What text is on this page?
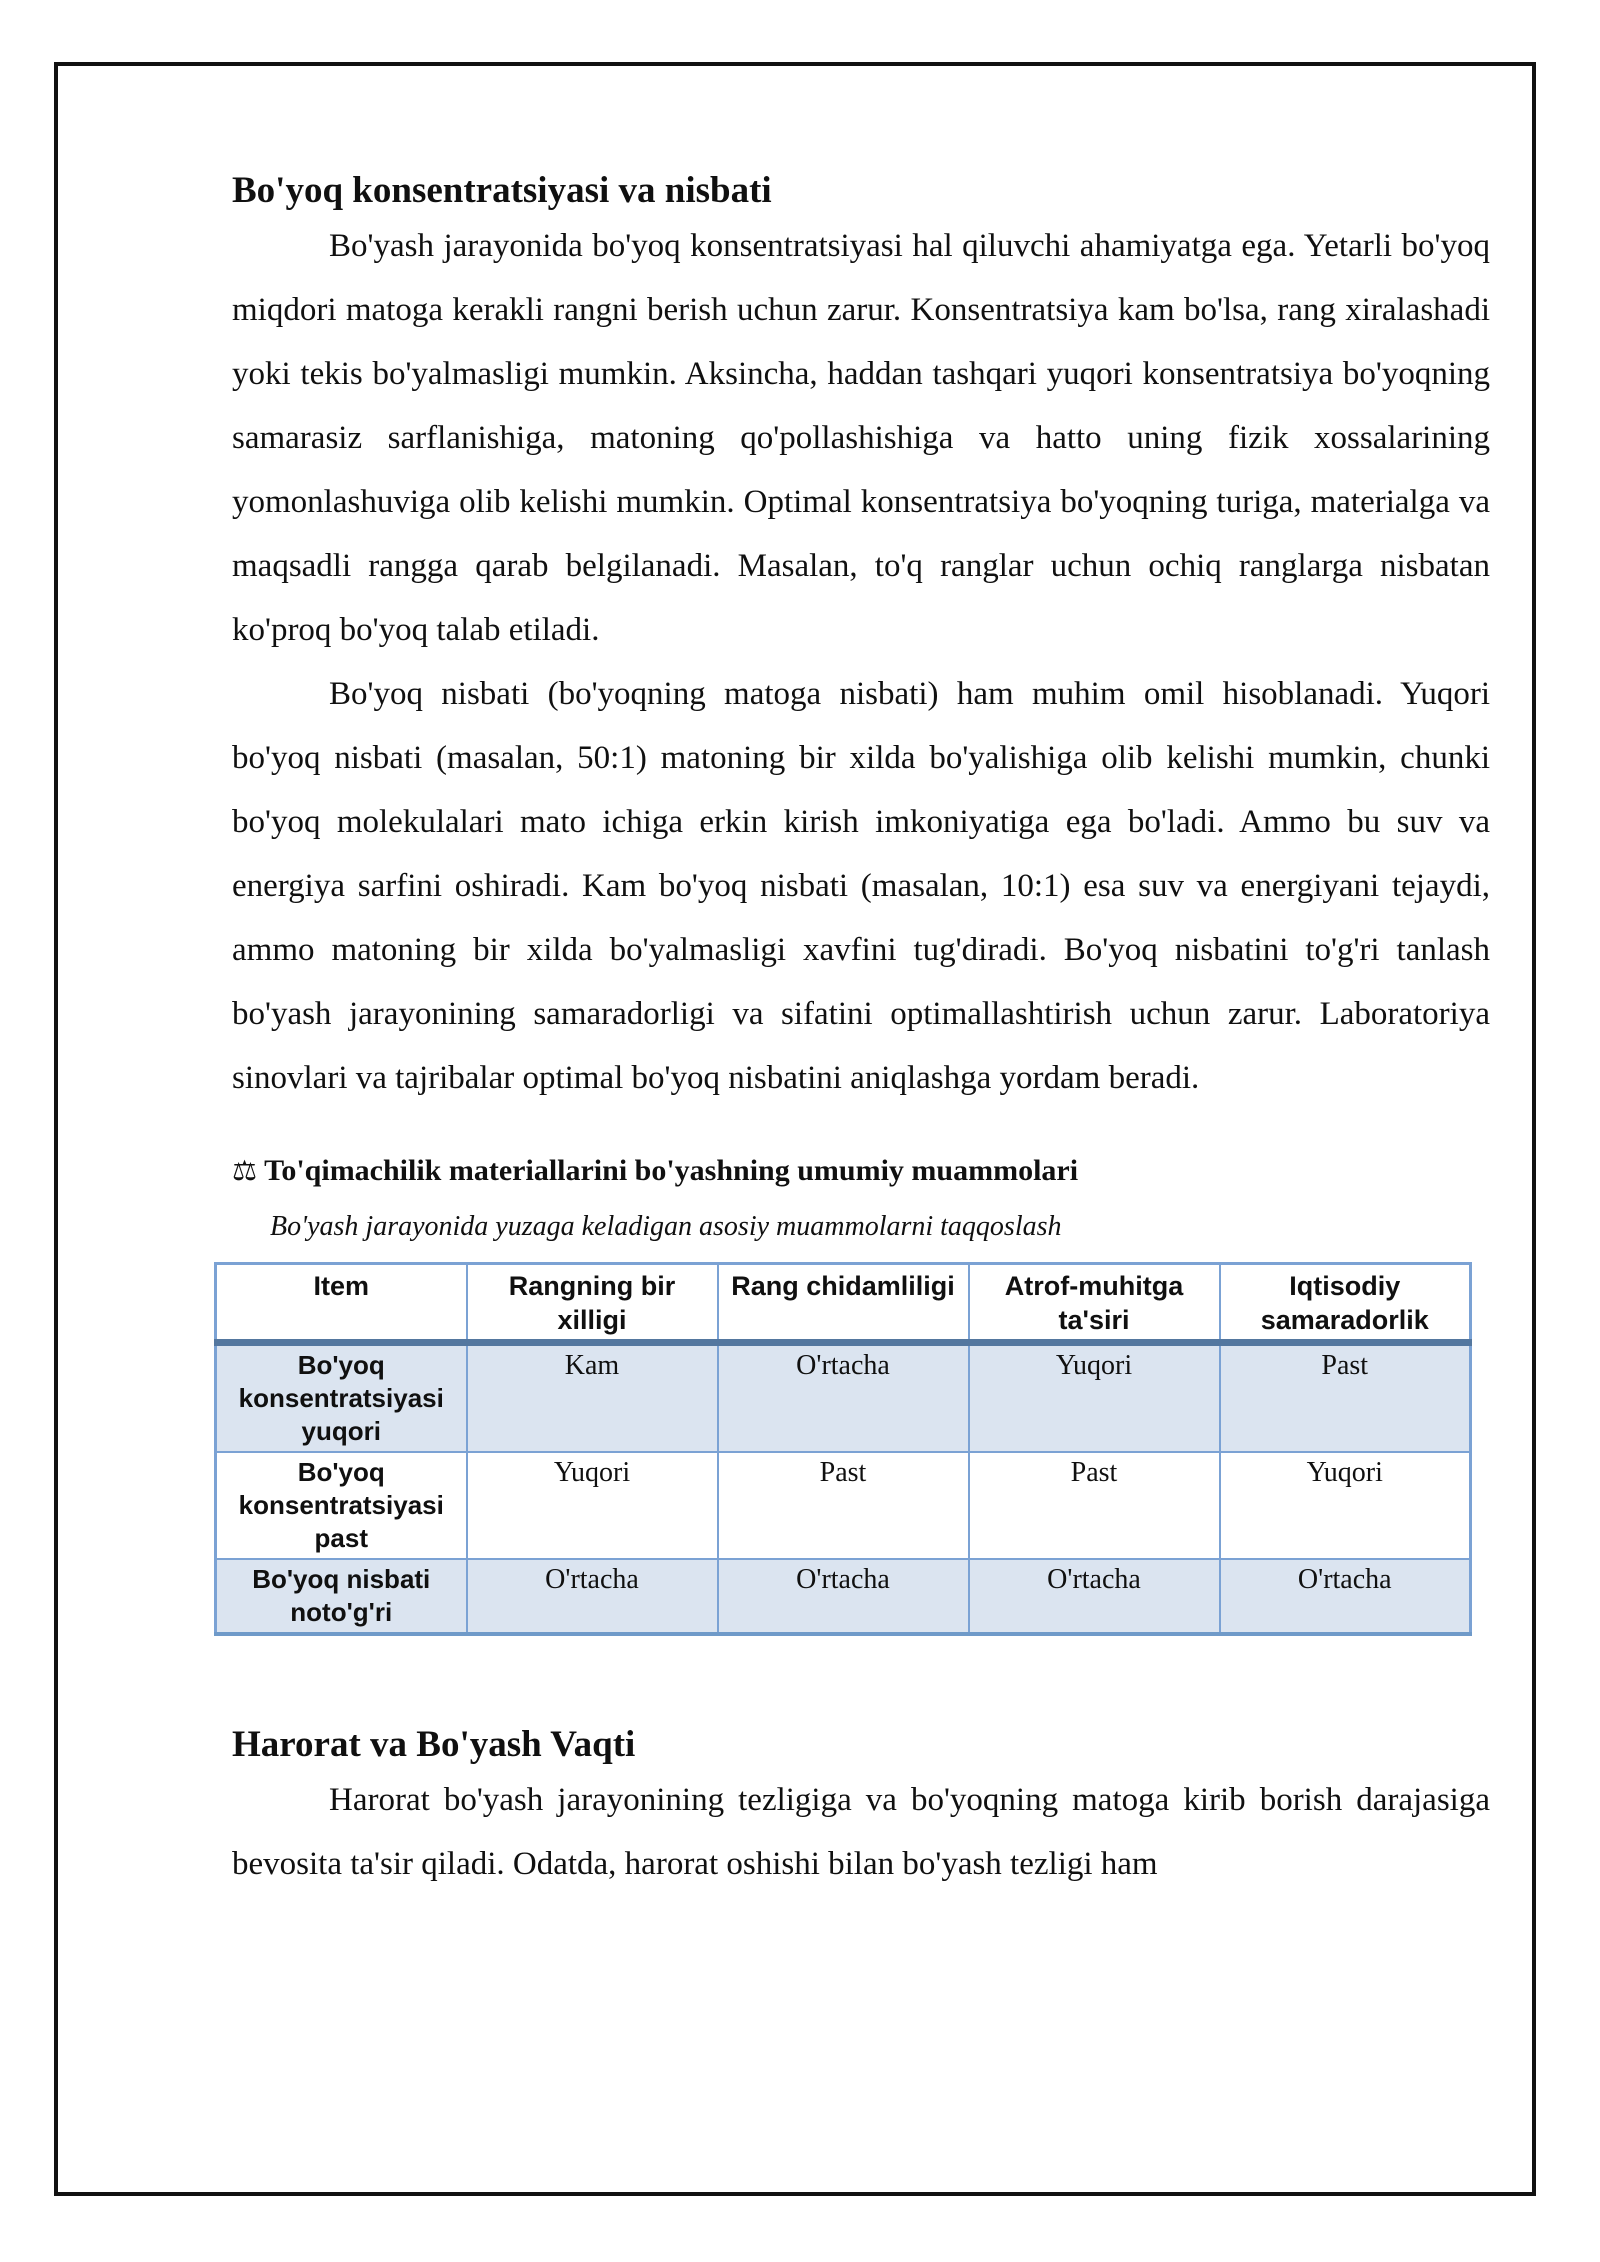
Bo'yoq konsentratsiyasi va nisbati

Bo'yash jarayonida bo'yoq konsentratsiyasi hal qiluvchi ahamiyatga ega. Yetarli bo'yoq miqdori matoga kerakli rangni berish uchun zarur. Konsentratsiya kam bo'lsa, rang xiralashadi yoki tekis bo'yalmasligi mumkin. Aksincha, haddan tashqari yuqori konsentratsiya bo'yoqning samarasiz sarflanishiga, matoning qo'pollashishiga va hatto uning fizik xossalarining yomonlashuviga olib kelishi mumkin. Optimal konsentratsiya bo'yoqning turiga, materialga va maqsadli rangga qarab belgilanadi. Masalan, to'q ranglar uchun ochiq ranglarga nisbatan ko'proq bo'yoq talab etiladi.

Bo'yoq nisbati (bo'yoqning matoga nisbati) ham muhim omil hisoblanadi. Yuqori bo'yoq nisbati (masalan, 50:1) matoning bir xilda bo'yalishiga olib kelishi mumkin, chunki bo'yoq molekulalari mato ichiga erkin kirish imkoniyatiga ega bo'ladi. Ammo bu suv va energiya sarfini oshiradi. Kam bo'yoq nisbati (masalan, 10:1) esa suv va energiyani tejaydi, ammo matoning bir xilda bo'yalmasligi xavfini tug'diradi. Bo'yoq nisbatini to'g'ri tanlash bo'yash jarayonining samaradorligi va sifatini optimallashtirish uchun zarur. Laboratoriya sinovlari va tajribalar optimal bo'yoq nisbatini aniqlashga yordam beradi.

⚖ To'qimachilik materiallarini bo'yashning umumiy muammolari

Bo'yash jarayonida yuzaga keladigan asosiy muammolarni taqqoslash

Item	Rangning bir xilligi	Rang chidamliligi	Atrof-muhitga ta'siri	Iqtisodiy samaradorlik
Bo'yoq konsentratsiyasi yuqori	Kam	O'rtacha	Yuqori	Past
Bo'yoq konsentratsiyasi past	Yuqori	Past	Past	Yuqori
Bo'yoq nisbati noto'g'ri	O'rtacha	O'rtacha	O'rtacha	O'rtacha
Harorat va Bo'yash Vaqti

Harorat bo'yash jarayonining tezligiga va bo'yoqning matoga kirib borish darajasiga bevosita ta'sir qiladi. Odatda, harorat oshishi bilan bo'yash tezligi ham
